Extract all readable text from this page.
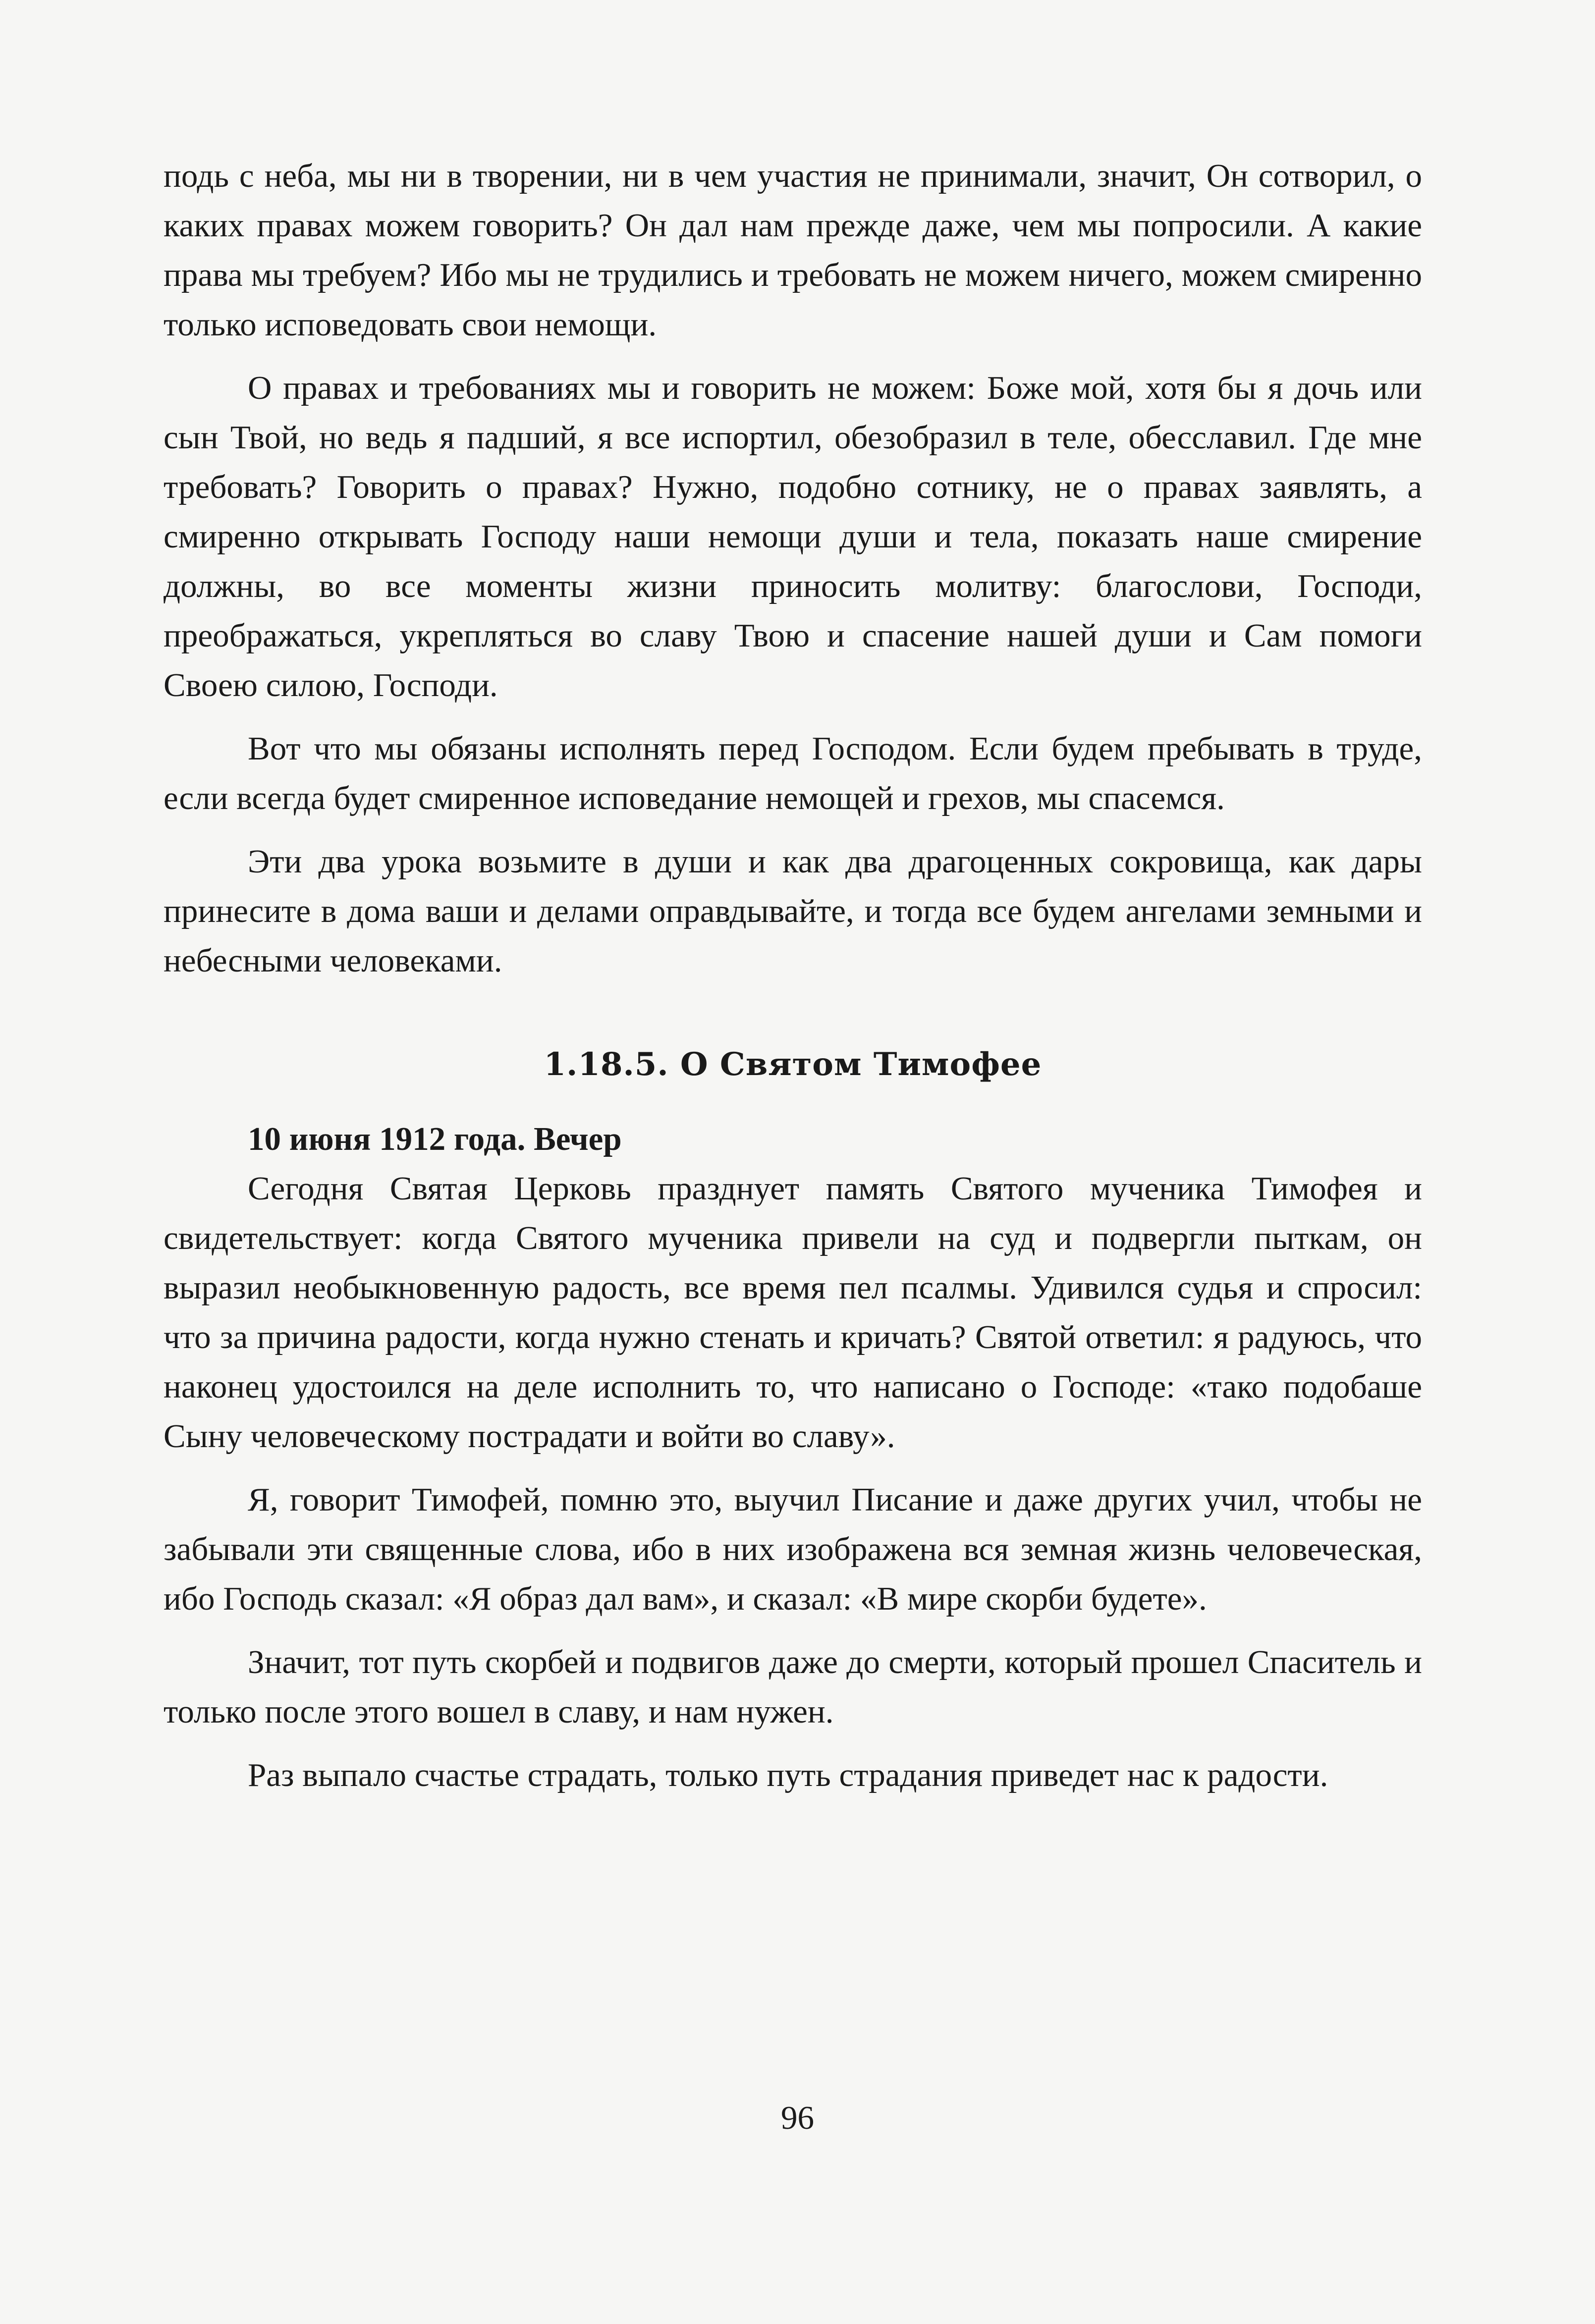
подь с неба, мы ни в творении, ни в чем участия не принимали, значит, Он сотворил, о каких правах можем говорить? Он дал нам прежде даже, чем мы попросили. А какие права мы требуем? Ибо мы не трудились и требовать не можем ничего, можем смиренно только исповедовать свои немощи.

О правах и требованиях мы и говорить не можем: Боже мой, хотя бы я дочь или сын Твой, но ведь я падший, я все испортил, обезобразил в теле, обесславил. Где мне требовать? Говорить о правах? Нужно, подобно сотнику, не о правах заявлять, а смиренно открывать Господу наши немощи души и тела, показать наше смирение должны, во все моменты жизни приносить молитву: благослови, Господи, преображаться, укрепляться во славу Твою и спасение нашей души и Сам помоги Своею силою, Господи.

Вот что мы обязаны исполнять перед Господом. Если будем пребывать в труде, если всегда будет смиренное исповедание немощей и грехов, мы спасемся.

Эти два урока возьмите в души и как два драгоценных сокровища, как дары принесите в дома ваши и делами оправдывайте, и тогда все будем ангелами земными и небесными человеками.

1.18.5. О Святом Тимофее
10 июня 1912 года. Вечер

Сегодня Святая Церковь празднует память Святого мученика Тимофея и свидетельствует: когда Святого мученика привели на суд и подвергли пыткам, он выразил необыкновенную радость, все время пел псалмы. Удивился судья и спросил: что за причина радости, когда нужно стенать и кричать? Святой ответил: я радуюсь, что наконец удостоился на деле исполнить то, что написано о Господе: «тако подобаше Сыну человеческому пострадати и войти во славу».

Я, говорит Тимофей, помню это, выучил Писание и даже других учил, чтобы не забывали эти священные слова, ибо в них изображена вся земная жизнь человеческая, ибо Господь сказал: «Я образ дал вам», и сказал: «В мире скорби будете».

Значит, тот путь скорбей и подвигов даже до смерти, который прошел Спаситель и только после этого вошел в славу, и нам нужен.

Раз выпало счастье страдать, только путь страдания приведет нас к радости.

96
